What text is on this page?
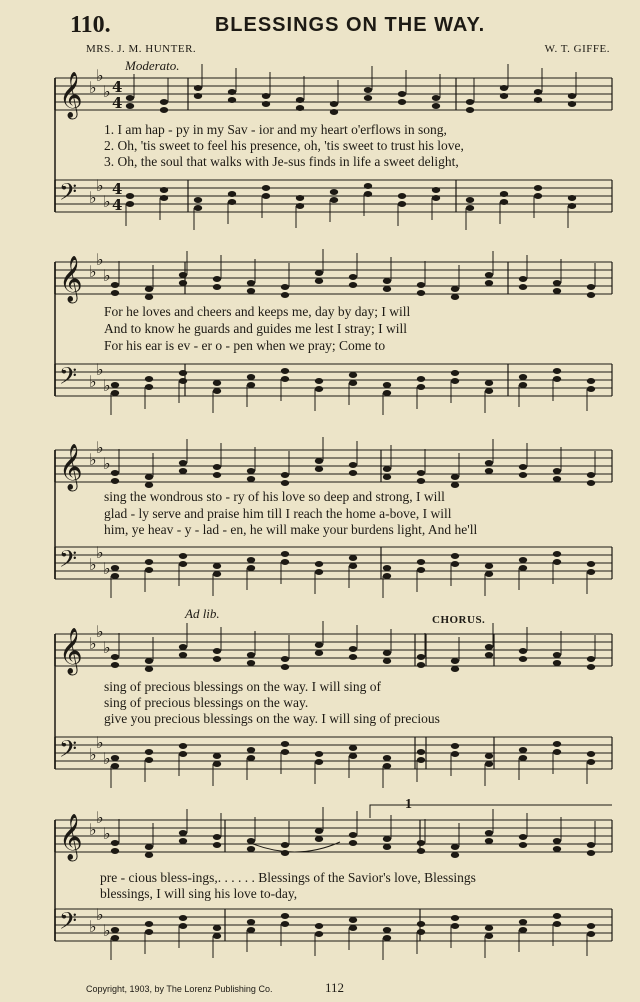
110.	BLESSINGS ON THE WAY.
MRS. J. M. HUNTER.	W. T. GIFFE.
Moderato.
Ad lib.	CHORUS.
1
𝄞 ♭
♭
♭ 4
4
𝄢 ♭
♭
♭
4
4
𝄞 ♭
♭
♭
𝄢 ♭
♭
♭
𝄞 ♭
♭
♭
𝄢 ♭
♭
♭
𝄞 ♭
♭
♭
𝄢 ♭
♭
♭
𝄞 ♭
♭
♭
𝄢 ♭
♭
♭
1. I am hap - py in my Sav - ior and my heart o'erflows in song,
2. Oh, 'tis sweet to feel his presence, oh, 'tis sweet to trust his love,
3. Oh, the soul that walks with Je-sus finds in life a sweet delight,
For he loves and cheers and keeps me, day by day; I will
And to know he guards and guides me lest I stray; I will
For his ear is ev - er o - pen when we pray; Come to
sing the wondrous sto - ry of his love so deep and strong, I will
glad - ly serve and praise him till I reach the home a-bove, I will
him, ye heav - y - lad - en, he will make your burdens light, And he'll
sing of precious blessings on the way. I will sing of
sing of precious blessings on the way.
give you precious blessings on the way. I will sing of precious
pre - cious bless-ings,. . . . . . Blessings of the Savior's love, Blessings
blessings, I will sing his love to-day,
Copyright, 1903, by The Lorenz Publishing Co.	112
